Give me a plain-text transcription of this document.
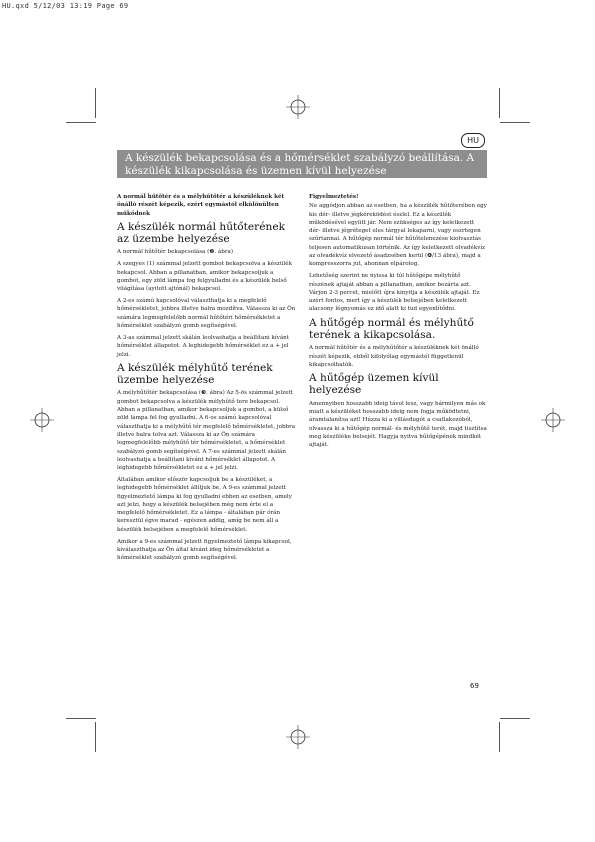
HU.qxd 5/12/03 13:19 Page 69
HU
A készülék bekapcsolása és a hőmérséklet szabályzó beállítása. A készülék kikapcsolása és üzemen kívül helyezése

A normál hűtőtér és a mélyhűtőtér a készüléknek két önálló részét képezik, ezért egymástól elkülönülten működnek

A készülék normál hűtőterének az üzembe helyezése

A normál hűtőtér bekapcsolása (❷. ábra)

A szegyes (1) számmal jelzett gombot bekapcsolva a készülék bekapcsol. Abban a pillanatban, amikor bekapcsoljuk a gombot, egy zöld lámpa fog felgyulladni és a készülék belső világítása (ayitott ajtónál) bekapcsol.

A 2-es számú kapcsolóval választhatja ki a megfelelő hőmérsékletet, jobbra illetve balra mozdítva. Válassza ki az Ön számára legmegfelelőbb normál hűtőtéri hőmérsékletet a hőmérséklet szabályzó gomb segítségével.

A 3-as számmal jelzett skálán leolvashatja a beállítani kívánt hőmérséklet állapotot. A leghidegebb hőmérséklet ez a + jel jelzi.

A készülék mélyhűtő terének üzembe helyezése

A mélyhűtőtér bekapcsolása (❸. ábra) Az 5-ös számmal jelzett gombot bekapcsolva a készülék mélyhűtő tere bekapcsol. Abban a pillanatban, amikor bekapcsoljuk a gombot, a külső zöld lámpa fel fog gyulladni. A 6-os számú kapcsolóval választhatja ki a mélyhűtő tér megfelelő hőmérsékletet, jobbra illetve balra tolva azt. Válassza ki az Ön számára legmegfelelőbb mélyhűtő tér hőmérsékletet, a hőmérséklet szabályzó gomb segítségével. A 7-es számmal jelzett skálán leolvashatja a beállítani kívánt hőmérséklet állapotot. A leghidegebb hőmérsékletet ez a + jel jelzi.

Általában amikor először kapcsoljuk be a készüléket, a leghidegebb hőmérséklet állítjuk be. A 9-es számmal jelzett figyelmeztető lámpa ki fog gyulladni ebben az esetben, amely azt jelzi, hogy a készülék belsejében még nem érte el a megfelelő hőmérsékletet. Ez a lámpa - általában pár órán keresztül égve marad - egészen addig, amíg be nem áll a készülék belsejében a megfelelő hőmérséklet.

Amikor a 9-es számmal jelzett figyelmeztető lámpa kikapcsol, kiválaszthatja az Ön által kívánt ideg hőmérsékletet a hőmérséklet szabályzó gomb segítségével.

Figyelmeztetés!

Ne aggódjon abban az esetben, ha a készülék hűtőterében egy kis dér- illetve jégkéreködést észlel. Ez a készülék működésével együtt jár. Nem szükséges az így keletkezett dér- illetve jégréteget eles tárgyal lekaparni, vagy eszrtegen szűrtannai. A hűtőgép normál tér hűtőtelenezése kiolvasztás teljesen automatikusan történik. Az így keletkezett olvadékvíz az olvadékvíz elvezető ásadzsében kerül (❹/13 ábra), majd a kompresszorra jut, ahonnan elpárolog.

Lehetőség szerint ne nyissa ki túl hűtőgépe mélyhűtő részének ajtaját abban a pillanatban, amikor bezárta azt. Várjon 2-3 percet, mielőtt újra kinyitja a készülék ajtaját. Ez azért fontos, mert így a készülék belsejében keletkezett alacsony légnyomás ez idő alatt ki tud egyenlítődni.

A hűtőgép normál és mélyhűtő terének a kikapcsolása.

A normál hűtőtér és a mélyhűtőtér a készüléknek két önálló részét képezik, ebből kifolyólag egymástól függetlenül kikapcsolhatók.

A hűtőgép üzemen kívül helyezése

Amennyiben hosszabb ideig távol lesz, vagy bármilyen más ok miatt a készüléket hosszabb ideig nem fogja működtetni, áramtalanítsa azt! Húzza ki a villásdugót a csatlakozóból, olvassza ki a hűtőgép normál- és mélyhűtő terét, majd tisztítsa meg készüléke belsejét. Hagyja nyitva hűtőgépének mindkét ajtaját.

69
